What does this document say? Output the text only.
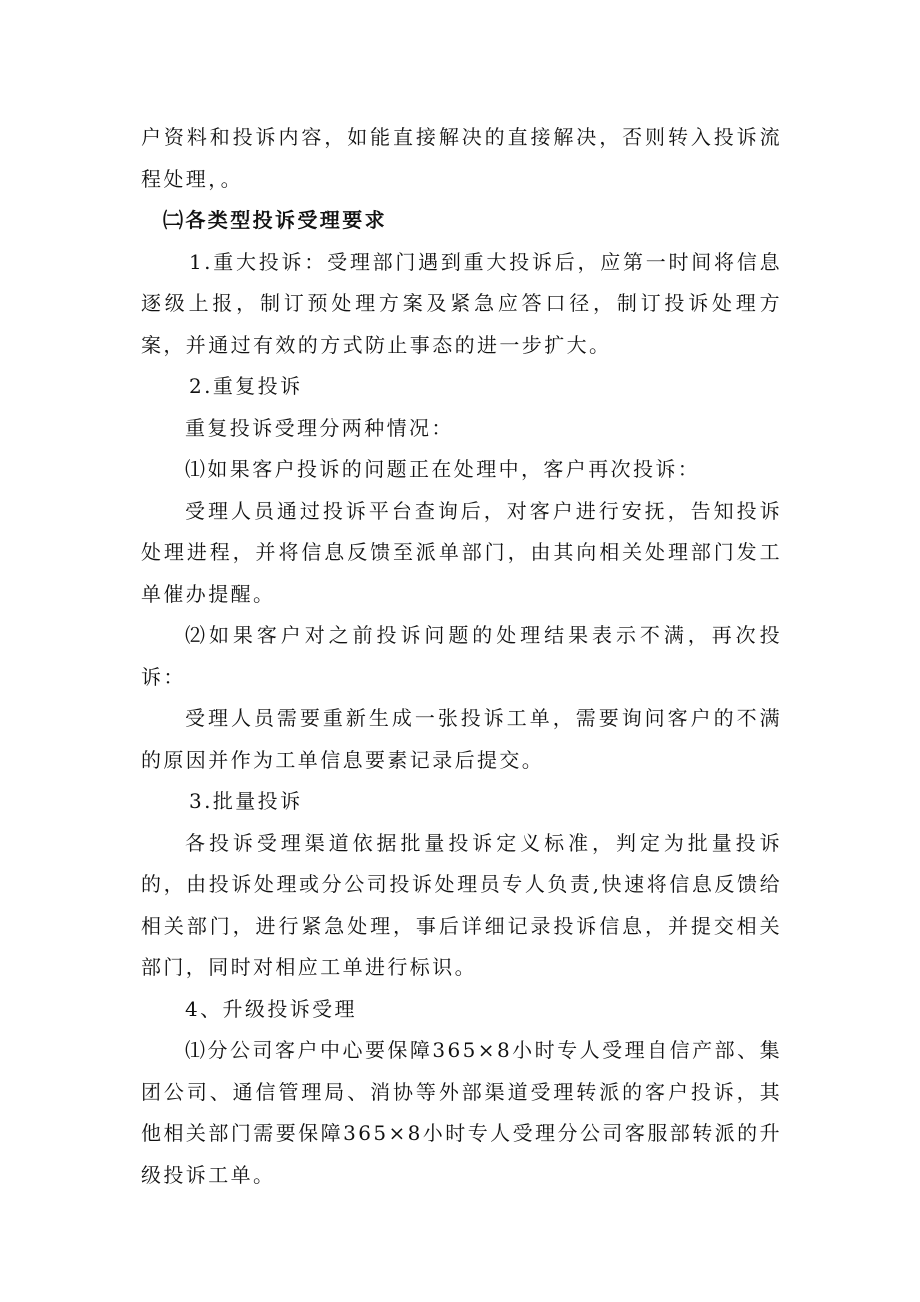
户资料和投诉内容，如能直接解决的直接解决，否则转入投诉流程处理，。

㈡各类型投诉受理要求

1.重大投诉：受理部门遇到重大投诉后，应第一时间将信息逐级上报，制订预处理方案及紧急应答口径，制订投诉处理方案，并通过有效的方式防止事态的进一步扩大。

2.重复投诉

重复投诉受理分两种情况：

⑴如果客户投诉的问题正在处理中，客户再次投诉：

受理人员通过投诉平台查询后，对客户进行安抚，告知投诉处理进程，并将信息反馈至派单部门，由其向相关处理部门发工单催办提醒。

⑵如果客户对之前投诉问题的处理结果表示不满，再次投诉：

受理人员需要重新生成一张投诉工单，需要询问客户的不满的原因并作为工单信息要素记录后提交。

3.批量投诉

各投诉受理渠道依据批量投诉定义标准，判定为批量投诉的，由投诉处理或分公司投诉处理员专人负责,快速将信息反馈给相关部门，进行紧急处理，事后详细记录投诉信息，并提交相关部门，同时对相应工单进行标识。

4、升级投诉受理

⑴分公司客户中心要保障365×8小时专人受理自信产部、集团公司、通信管理局、消协等外部渠道受理转派的客户投诉，其他相关部门需要保障365×8小时专人受理分公司客服部转派的升级投诉工单。
